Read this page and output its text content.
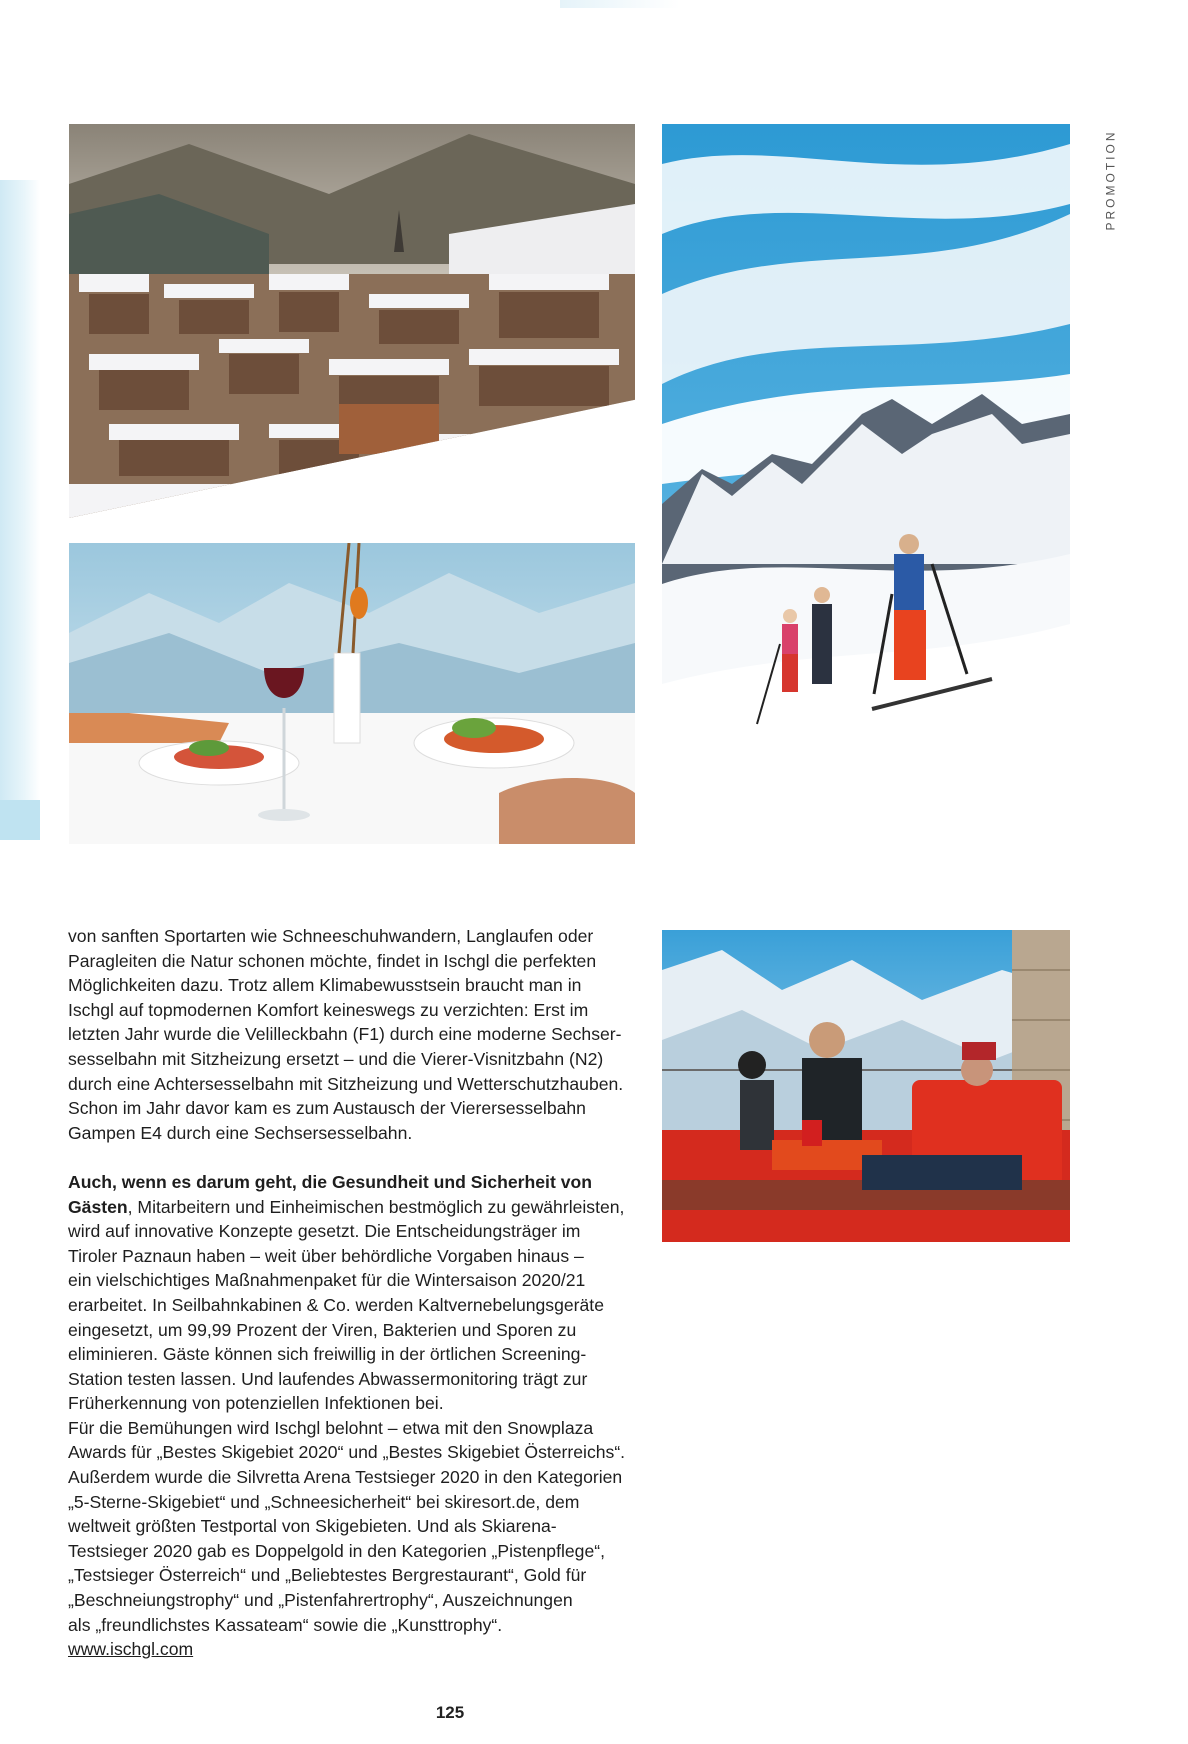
PROMOTION

von sanften Sportarten wie Schneeschuhwandern, Langlaufen oder
Paragleiten die Natur schonen möchte, findet in Ischgl die perfekten
Möglichkeiten dazu. Trotz allem Klimabewusstsein braucht man in
Ischgl auf topmodernen Komfort keineswegs zu verzichten: Erst im
letzten Jahr wurde die Velilleckbahn (F1) durch eine moderne Sechser-
sesselbahn mit Sitzheizung ersetzt – und die Vierer-Visnitzbahn (N2)
durch eine Achtersesselbahn mit Sitzheizung und Wetterschutzhauben.
Schon im Jahr davor kam es zum Austausch der Vierersesselbahn
Gampen E4 durch eine Sechsersesselbahn.

Auch, wenn es darum geht, die Gesundheit und Sicherheit von
Gästen, Mitarbeitern und Einheimischen bestmöglich zu gewährleisten,
wird auf innovative Konzepte gesetzt. Die Entscheidungsträger im
Tiroler Paznaun haben – weit über behördliche Vorgaben hinaus –
ein vielschichtiges Maßnahmenpaket für die Wintersaison 2020/21
erarbeitet. In Seilbahnkabinen & Co. werden Kaltvernebelungsgeräte
eingesetzt, um 99,99 Prozent der Viren, Bakterien und Sporen zu
eliminieren. Gäste können sich freiwillig in der örtlichen Screening-
Station testen lassen. Und laufendes Abwassermonitoring trägt zur
Früherkennung von potenziellen Infektionen bei.

Für die Bemühungen wird Ischgl belohnt – etwa mit den Snowplaza
Awards für „Bestes Skigebiet 2020“ und „Bestes Skigebiet Österreichs“.
Außerdem wurde die Silvretta Arena Testsieger 2020 in den Kategorien
„5-Sterne-Skigebiet“ und „Schneesicherheit“ bei skiresort.de, dem
weltweit größten Testportal von Skigebieten. Und als Skiarena-
Testsieger 2020 gab es Doppelgold in den Kategorien „Pistenpflege“,
„Testsieger Österreich“ und „Beliebtestes Bergrestaurant“, Gold für
„Beschneiungstrophy“ und „Pistenfahrertrophy“, Auszeichnungen
als „freundlichstes Kassateam“ sowie die „Kunsttrophy“.
www.ischgl.com

125
